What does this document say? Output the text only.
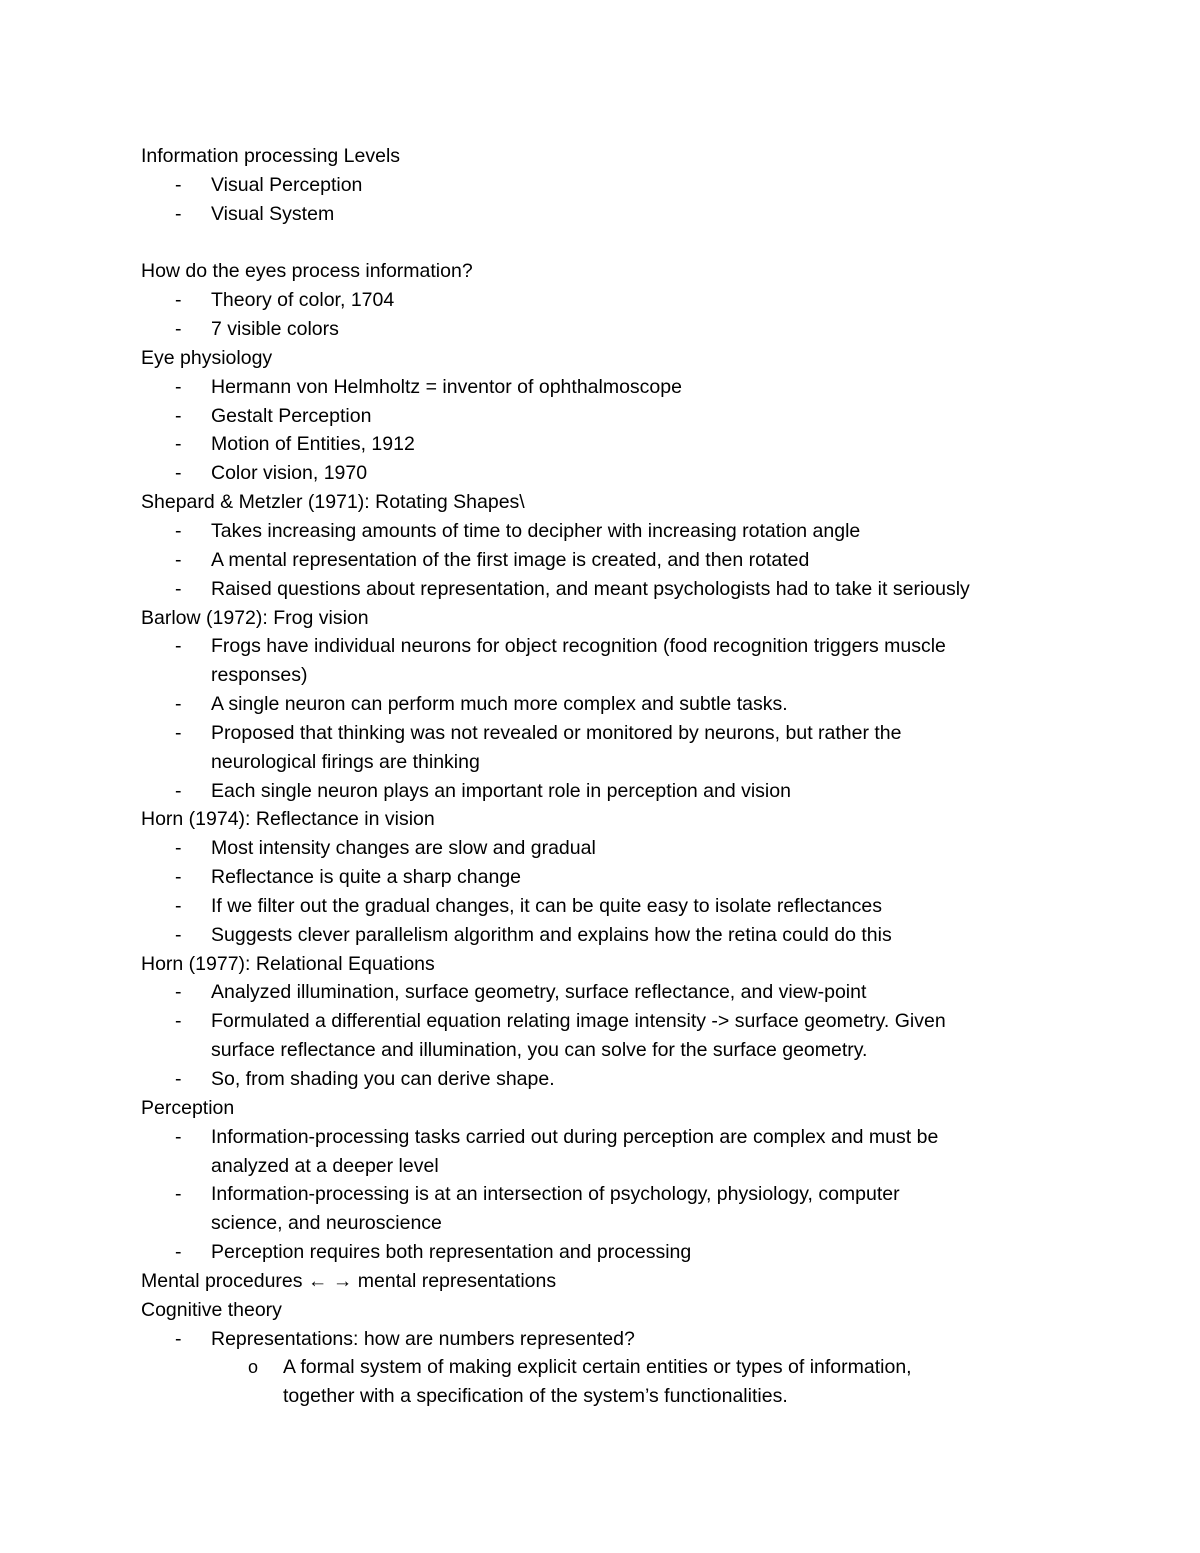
Information processing Levels
- Visual Perception
- Visual System
How do the eyes process information?
- Theory of color, 1704
- 7 visible colors
Eye physiology
- Hermann von Helmholtz = inventor of ophthalmoscope
- Gestalt Perception
- Motion of Entities, 1912
- Color vision, 1970
Shepard & Metzler (1971): Rotating Shapes\
- Takes increasing amounts of time to decipher with increasing rotation angle
- A mental representation of the first image is created, and then rotated
- Raised questions about representation, and meant psychologists had to take it seriously
Barlow (1972): Frog vision
- Frogs have individual neurons for object recognition (food recognition triggers muscle
responses)
- A single neuron can perform much more complex and subtle tasks.
- Proposed that thinking was not revealed or monitored by neurons, but rather the
neurological firings are thinking
- Each single neuron plays an important role in perception and vision
Horn (1974): Reflectance in vision
- Most intensity changes are slow and gradual
- Reflectance is quite a sharp change
- If we filter out the gradual changes, it can be quite easy to isolate reflectances
- Suggests clever parallelism algorithm and explains how the retina could do this
Horn (1977): Relational Equations
- Analyzed illumination, surface geometry, surface reflectance, and view-point
- Formulated a differential equation relating image intensity -> surface geometry. Given
surface reflectance and illumination, you can solve for the surface geometry.
- So, from shading you can derive shape.
Perception
- Information-processing tasks carried out during perception are complex and must be
analyzed at a deeper level
- Information-processing is at an intersection of psychology, physiology, computer
science, and neuroscience
- Perception requires both representation and processing
Mental procedures ← → mental representations
Cognitive theory
- Representations: how are numbers represented?
o A formal system of making explicit certain entities or types of information,
together with a specification of the system’s functionalities.
